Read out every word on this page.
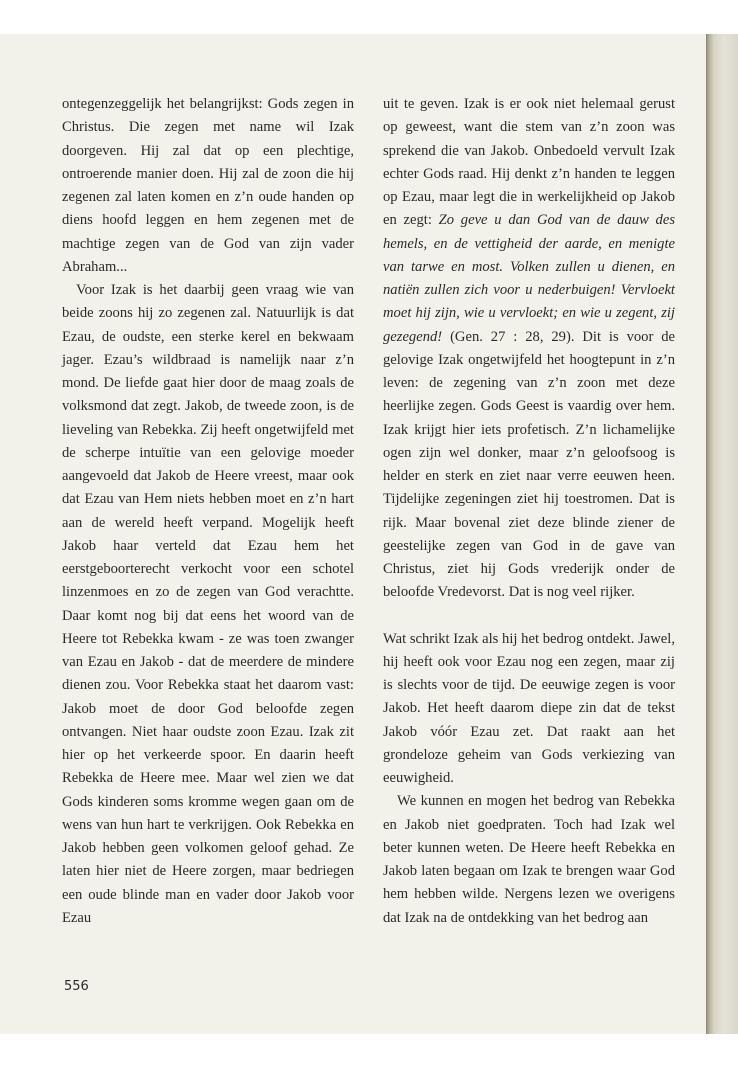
ontegenzeggelijk het belangrijkst: Gods zegen in Christus. Die zegen met name wil Izak doorgeven. Hij zal dat op een plechtige, ontroerende manier doen. Hij zal de zoon die hij zegenen zal laten komen en z’n oude handen op diens hoofd leggen en hem zegenen met de machtige zegen van de God van zijn vader Abraham...

Voor Izak is het daarbij geen vraag wie van beide zoons hij zo zegenen zal. Natuurlijk is dat Ezau, de oudste, een sterke kerel en bekwaam jager. Ezau’s wildbraad is namelijk naar z’n mond. De liefde gaat hier door de maag zoals de volksmond dat zegt. Jakob, de tweede zoon, is de lieveling van Rebekka. Zij heeft ongetwijfeld met de scherpe intuïtie van een gelovige moeder aangevoeld dat Jakob de Heere vreest, maar ook dat Ezau van Hem niets hebben moet en z’n hart aan de wereld heeft verpand. Mogelijk heeft Jakob haar verteld dat Ezau hem het eerstgeboorterecht verkocht voor een schotel linzenmoes en zo de zegen van God verachtte. Daar komt nog bij dat eens het woord van de Heere tot Rebekka kwam - ze was toen zwanger van Ezau en Jakob - dat de meerdere de mindere dienen zou. Voor Rebekka staat het daarom vast: Jakob moet de door God beloofde zegen ontvangen. Niet haar oudste zoon Ezau. Izak zit hier op het verkeerde spoor. En daarin heeft Rebekka de Heere mee. Maar wel zien we dat Gods kinderen soms kromme wegen gaan om de wens van hun hart te verkrijgen. Ook Rebekka en Jakob hebben geen volkomen geloof gehad. Ze laten hier niet de Heere zorgen, maar bedriegen een oude blinde man en vader door Jakob voor Ezau

uit te geven. Izak is er ook niet helemaal gerust op geweest, want die stem van z’n zoon was sprekend die van Jakob. Onbedoeld vervult Izak echter Gods raad. Hij denkt z’n handen te leggen op Ezau, maar legt die in werkelijkheid op Jakob en zegt: Zo geve u dan God van de dauw des hemels, en de vettigheid der aarde, en menigte van tarwe en most. Volken zullen u dienen, en natiën zullen zich voor u nederbuigen! Vervloekt moet hij zijn, wie u vervloekt; en wie u zegent, zij gezegend! (Gen. 27 : 28, 29). Dit is voor de gelovige Izak ongetwijfeld het hoogtepunt in z’n leven: de zegening van z’n zoon met deze heerlijke zegen. Gods Geest is vaardig over hem. Izak krijgt hier iets profetisch. Z’n lichamelijke ogen zijn wel donker, maar z’n geloofsoog is helder en sterk en ziet naar verre eeuwen heen. Tijdelijke zegeningen ziet hij toestromen. Dat is rijk. Maar bovenal ziet deze blinde ziener de geestelijke zegen van God in de gave van Christus, ziet hij Gods vrederijk onder de beloofde Vredevorst. Dat is nog veel rijker.

Wat schrikt Izak als hij het bedrog ontdekt. Jawel, hij heeft ook voor Ezau nog een zegen, maar zij is slechts voor de tijd. De eeuwige zegen is voor Jakob. Het heeft daarom diepe zin dat de tekst Jakob vóór Ezau zet. Dat raakt aan het grondeloze geheim van Gods verkiezing van eeuwigheid.

We kunnen en mogen het bedrog van Rebekka en Jakob niet goedpraten. Toch had Izak wel beter kunnen weten. De Heere heeft Rebekka en Jakob laten begaan om Izak te brengen waar God hem hebben wilde. Nergens lezen we overigens dat Izak na de ontdekking van het bedrog aan

556
